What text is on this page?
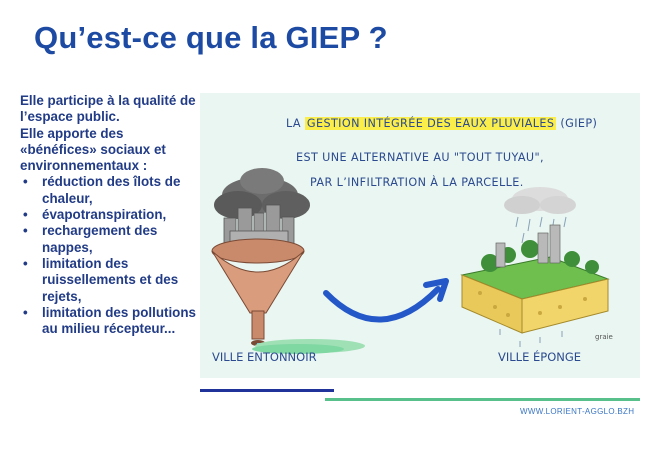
Qu’est-ce que la GIEP ?

Elle participe à la qualité de l’espace public.

Elle apporte des «bénéfices» sociaux et environnementaux :

• réduction des îlots de chaleur,
• évapotranspiration,
• rechargement des nappes,
• limitation des ruissellements et des rejets,
• limitation des pollutions au milieu récepteur...
LA GESTION INTÉGRÉE DES EAUX PLUVIALES (GIEP)
EST UNE ALTERNATIVE AU "TOUT TUYAU",
PAR L’INFILTRATION À LA PARCELLE.
VILLE ENTONNOIR	VILLE ÉPONGE
graie
WWW.LORIENT-AGGLO.BZH
